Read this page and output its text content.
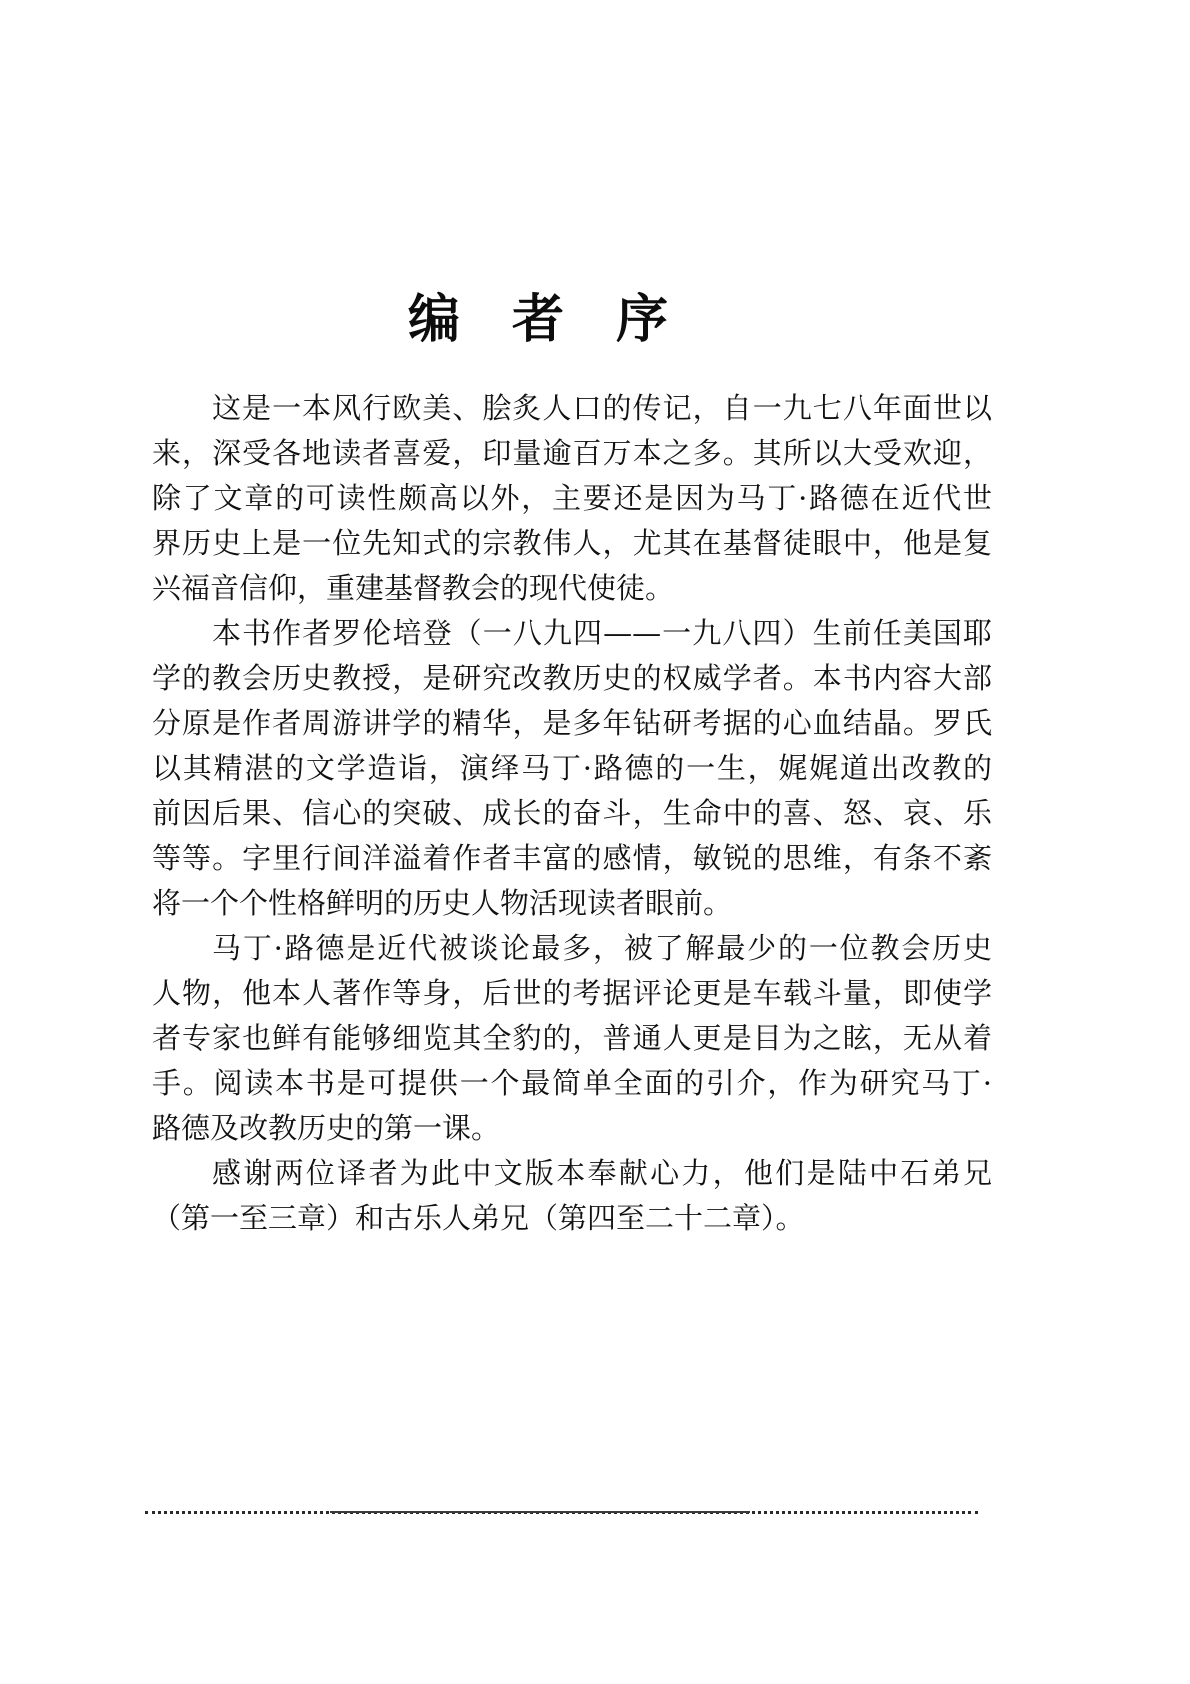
编者序
这是一本风行欧美、脍炙人口的传记，自一九七八年面世以
来，深受各地读者喜爱，印量逾百万本之多。其所以大受欢迎，
除了文章的可读性颇高以外，主要还是因为马丁·路德在近代世
界历史上是一位先知式的宗教伟人，尤其在基督徒眼中，他是复
兴福音信仰，重建基督教会的现代使徒。
本书作者罗伦培登（一八九四——一九八四）生前任美国耶
学的教会历史教授，是研究改教历史的权威学者。本书内容大部
分原是作者周游讲学的精华，是多年钻研考据的心血结晶。罗氏
以其精湛的文学造诣，演绎马丁·路德的一生，娓娓道出改教的
前因后果、信心的突破、成长的奋斗，生命中的喜、怒、哀、乐
等等。字里行间洋溢着作者丰富的感情，敏锐的思维，有条不紊
将一个个性格鲜明的历史人物活现读者眼前。
马丁·路德是近代被谈论最多，被了解最少的一位教会历史
人物，他本人著作等身，后世的考据评论更是车载斗量，即使学
者专家也鲜有能够细览其全豹的，普通人更是目为之眩，无从着
手。阅读本书是可提供一个最简单全面的引介，作为研究马丁·
路德及改教历史的第一课。
感谢两位译者为此中文版本奉献心力，他们是陆中石弟兄
（第一至三章）和古乐人弟兄（第四至二十二章）。
